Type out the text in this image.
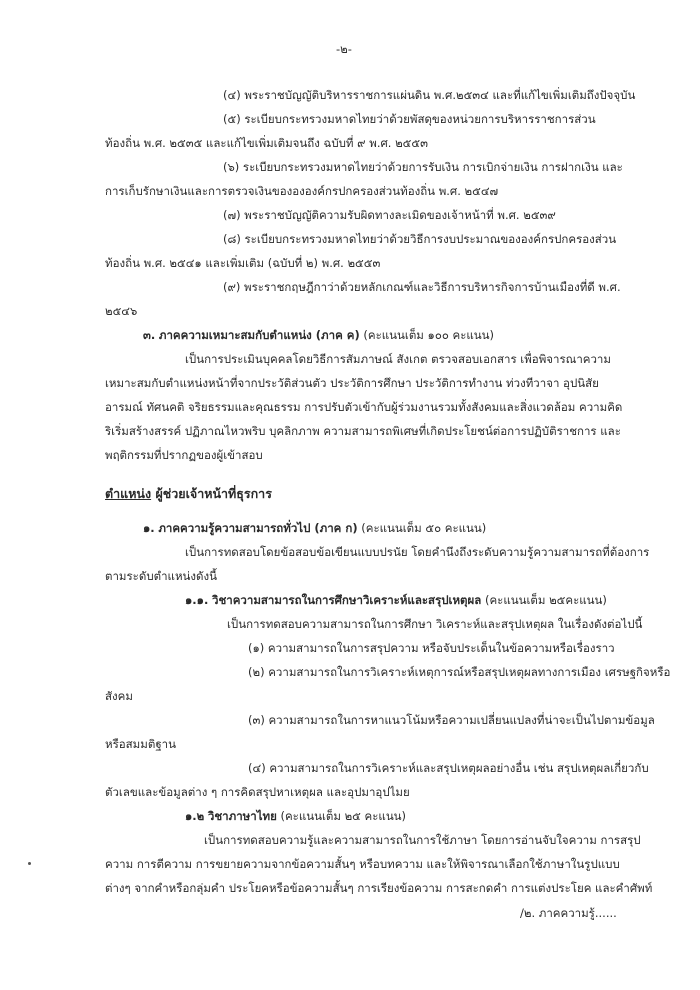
-๒-
(๔) พระราชบัญญัติบริหารราชการแผ่นดิน พ.ศ.๒๕๓๔ และที่แก้ไขเพิ่มเติมถึงปัจจุบัน
(๕) ระเบียบกระทรวงมหาดไทยว่าด้วยพัสดุของหน่วยการบริหารราชการส่วน
ท้องถิ่น พ.ศ. ๒๕๓๕ และแก้ไขเพิ่มเติมจนถึง ฉบับที่ ๙ พ.ศ. ๒๕๕๓
(๖) ระเบียบกระทรวงมหาดไทยว่าด้วยการรับเงิน การเบิกจ่ายเงิน การฝากเงิน และ
การเก็บรักษาเงินและการตรวจเงินของององค์กรปกครองส่วนท้องถิ่น พ.ศ. ๒๕๔๗
(๗) พระราชบัญญัติความรับผิดทางละเมิดของเจ้าหน้าที่ พ.ศ. ๒๕๓๙
(๘) ระเบียบกระทรวงมหาดไทยว่าด้วยวิธีการงบประมาณขององค์กรปกครองส่วน
ท้องถิ่น พ.ศ. ๒๕๔๑ และเพิ่มเติม (ฉบับที่ ๒) พ.ศ. ๒๕๕๓
(๙) พระราชกฤษฎีกาว่าด้วยหลักเกณฑ์และวิธีการบริหารกิจการบ้านเมืองที่ดี พ.ศ.
๒๕๔๖
๓. ภาคความเหมาะสมกับตำแหน่ง (ภาค ค) (คะแนนเต็ม ๑๐๐ คะแนน)
เป็นการประเมินบุคคลโดยวิธีการสัมภาษณ์ สังเกต ตรวจสอบเอกสาร เพื่อพิจารณาความ
เหมาะสมกับตำแหน่งหน้าที่จากประวัติส่วนตัว ประวัติการศึกษา ประวัติการทำงาน ท่วงทีวาจา อุปนิสัย
อารมณ์ ทัศนคติ จริยธรรมและคุณธรรม การปรับตัวเข้ากับผู้ร่วมงานรวมทั้งสังคมและสิ่งแวดล้อม ความคิด
ริเริ่มสร้างสรรค์ ปฏิภาณไหวพริบ บุคลิกภาพ ความสามารถพิเศษที่เกิดประโยชน์ต่อการปฏิบัติราชการ และ
พฤติกรรมที่ปรากฏของผู้เข้าสอบ
ตำแหน่ง ผู้ช่วยเจ้าหน้าที่ธุรการ
๑. ภาคความรู้ความสามารถทั่วไป (ภาค ก) (คะแนนเต็ม ๕๐ คะแนน)
เป็นการทดสอบโดยข้อสอบข้อเขียนแบบปรนัย โดยคำนึงถึงระดับความรู้ความสามารถที่ต้องการ
ตามระดับตำแหน่งดังนี้
๑.๑. วิชาความสามารถในการศึกษาวิเคราะห์และสรุปเหตุผล (คะแนนเต็ม ๒๕คะแนน)
เป็นการทดสอบความสามารถในการศึกษา วิเคราะห์และสรุปเหตุผล ในเรื่องดังต่อไปนี้
(๑) ความสามารถในการสรุปความ หรือจับประเด็นในข้อความหรือเรื่องราว
(๒) ความสามารถในการวิเคราะห์เหตุการณ์หรือสรุปเหตุผลทางการเมือง เศรษฐกิจหรือ
สังคม
(๓) ความสามารถในการหาแนวโน้มหรือความเปลี่ยนแปลงที่น่าจะเป็นไปตามข้อมูล
หรือสมมติฐาน
(๔) ความสามารถในการวิเคราะห์และสรุปเหตุผลอย่างอื่น เช่น สรุปเหตุผลเกี่ยวกับ
ตัวเลขและข้อมูลต่าง ๆ การคิดสรุปหาเหตุผล และอุปมาอุปไมย
๑.๒ วิชาภาษาไทย (คะแนนเต็ม ๒๕ คะแนน)
เป็นการทดสอบความรู้และความสามารถในการใช้ภาษา โดยการอ่านจับใจความ การสรุป
ความ การตีความ การขยายความจากข้อความสั้นๆ หรือบทความ และให้พิจารณาเลือกใช้ภาษาในรูปแบบ
ต่างๆ จากคำหรือกลุ่มคำ ประโยคหรือข้อความสั้นๆ การเรียงข้อความ การสะกดคำ การแต่งประโยค และคำศัพท์
/๒. ภาคความรู้......
